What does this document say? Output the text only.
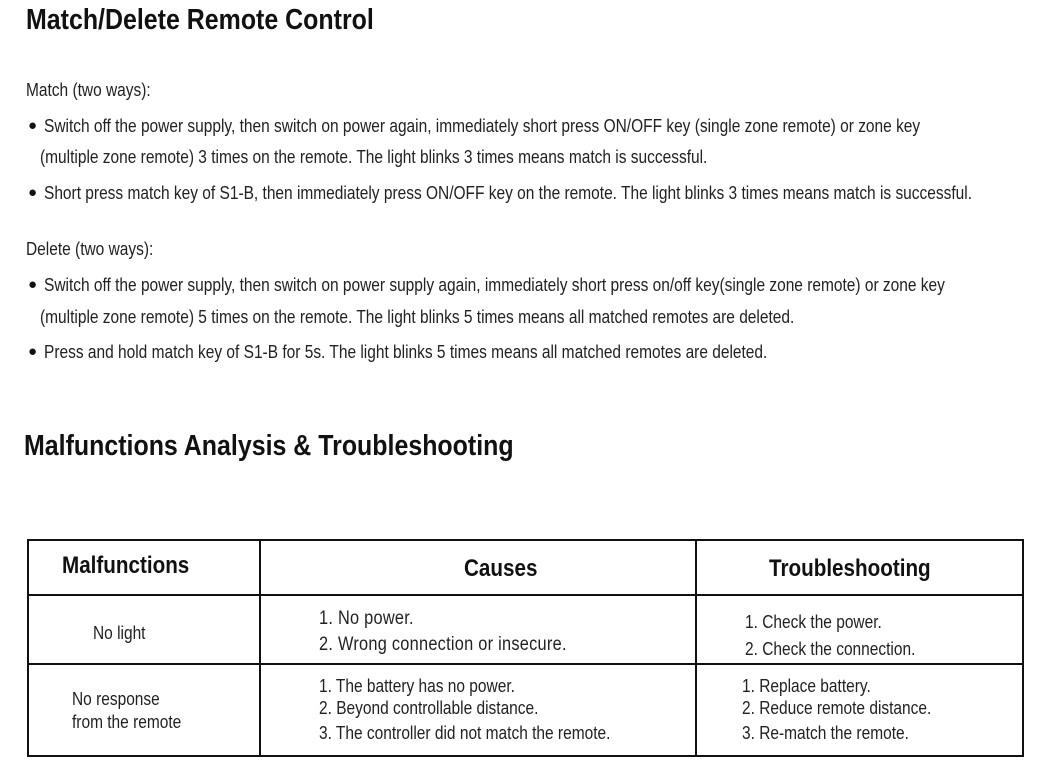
Match/Delete Remote Control
Match (two ways):
● Switch off the power supply, then switch on power again, immediately short press ON/OFF key (single zone remote) or zone key
(multiple zone remote) 3 times on the remote. The light blinks 3 times means match is successful.
● Short press match key of S1-B, then immediately press ON/OFF key on the remote. The light blinks 3 times means match is successful.
Delete (two ways):
● Switch off the power supply, then switch on power supply again, immediately short press on/off key(single zone remote) or zone key
(multiple zone remote) 5 times on the remote. The light blinks 5 times means all matched remotes are deleted.
● Press and hold match key of S1-B for 5s. The light blinks 5 times means all matched remotes are deleted.
Malfunctions Analysis & Troubleshooting
Malfunctions	Causes	Troubleshooting
No light
1. No power.
2. Wrong connection or insecure.
1. Check the power.
2. Check the connection.
No response
from the remote
1. The battery has no power.
2. Beyond controllable distance.
3. The controller did not match the remote.
1. Replace battery.
2. Reduce remote distance.
3. Re-match the remote.
